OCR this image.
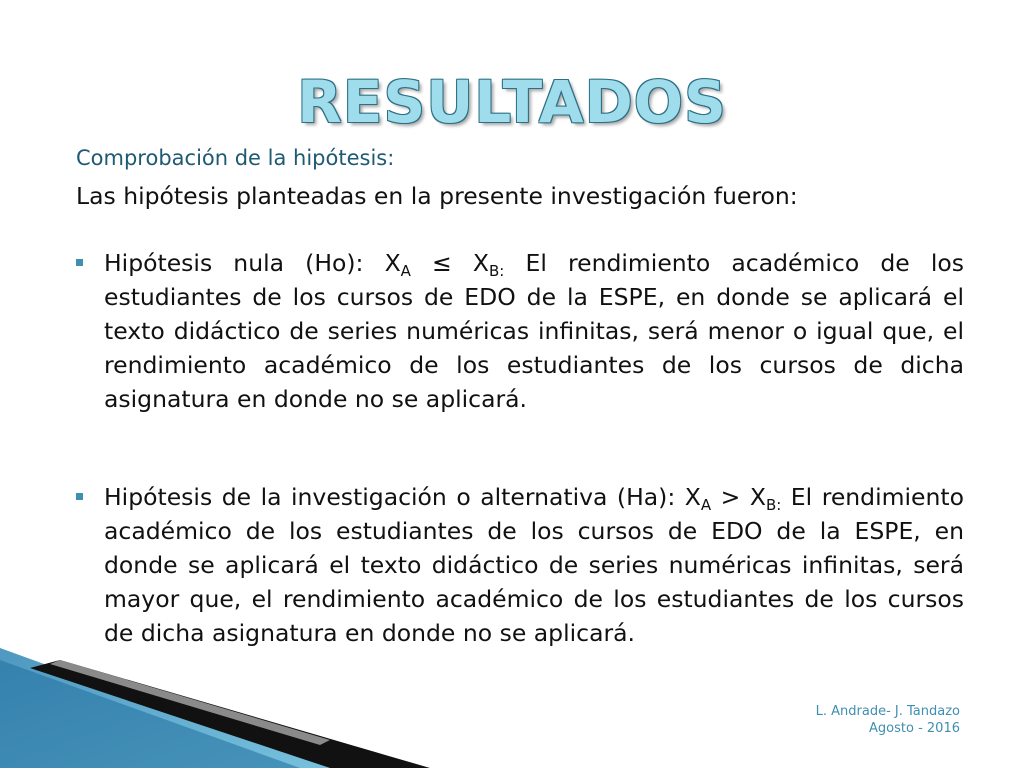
RESULTADOS
Comprobación de la hipótesis:
Las hipótesis planteadas en la presente investigación fueron:
Hipótesis nula (Ho): $X_A \le X_{B:}$ El rendimiento académico de los estudiantes de los cursos de EDO de la ESPE, en donde se aplicará el texto didáctico de series numéricas infinitas, será menor o igual que, el rendimiento académico de los estudiantes de los cursos de dicha asignatura en donde no se aplicará.
Hipótesis de la investigación o alternativa (Ha): $X_A > X_{B:}$ El rendimiento académico de los estudiantes de los cursos de EDO de la ESPE, en donde se aplicará el texto didáctico de series numéricas infinitas, será mayor que, el rendimiento académico de los estudiantes de los cursos de dicha asignatura en donde no se aplicará.
L. Andrade- J. Tandazo
Agosto - 2016
